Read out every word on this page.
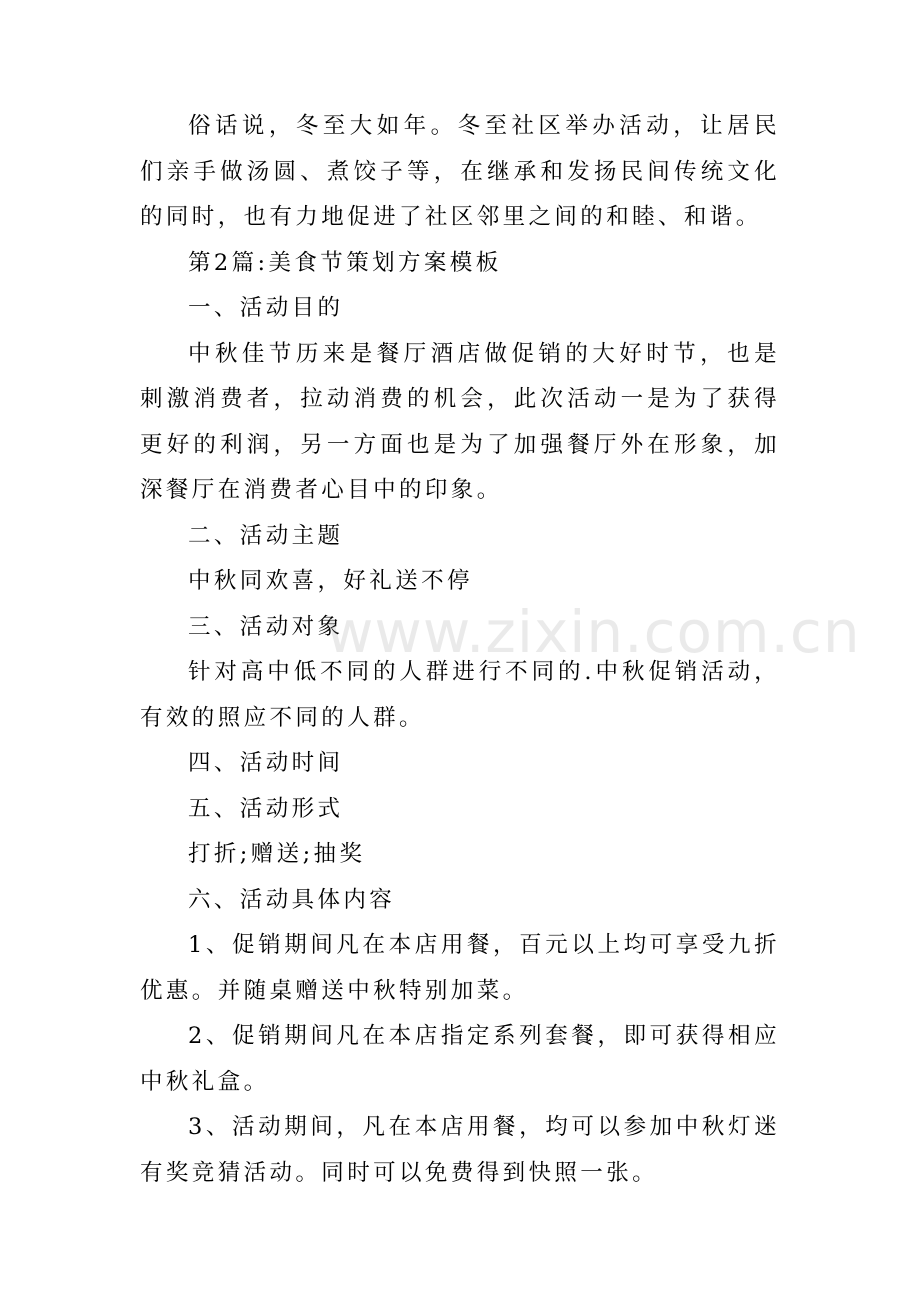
俗话说，冬至大如年。冬至社区举办活动，让居民们亲手做汤圆、煮饺子等，在继承和发扬民间传统文化的同时，也有力地促进了社区邻里之间的和睦、和谐。

第2篇:美食节策划方案模板

一、活动目的

中秋佳节历来是餐厅酒店做促销的大好时节，也是刺激消费者，拉动消费的机会，此次活动一是为了获得更好的利润，另一方面也是为了加强餐厅外在形象，加深餐厅在消费者心目中的印象。

二、活动主题

中秋同欢喜，好礼送不停

三、活动对象

针对高中低不同的人群进行不同的.中秋促销活动，有效的照应不同的人群。

四、活动时间

五、活动形式

打折;赠送;抽奖

六、活动具体内容

1、促销期间凡在本店用餐，百元以上均可享受九折优惠。并随桌赠送中秋特别加菜。

2、促销期间凡在本店指定系列套餐，即可获得相应中秋礼盒。

3、活动期间，凡在本店用餐，均可以参加中秋灯迷有奖竞猜活动。同时可以免费得到快照一张。

www.zixin.com.cn
